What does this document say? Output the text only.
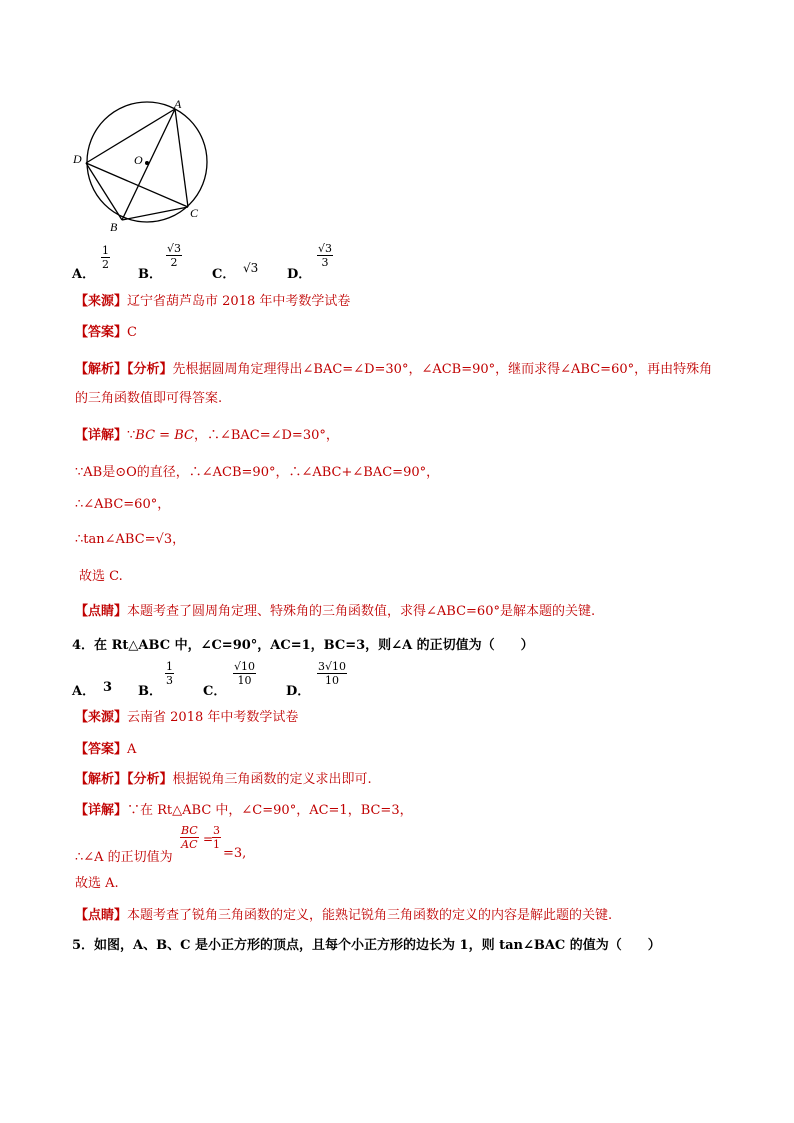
A
D	O
C
B
A．
$\frac{1}{2}$
B．
$\frac{√3}{2}$
C． √3 D．
$\frac{√3}{3}$
【来源】辽宁省葫芦岛市 2018 年中考数学试卷
【答案】C
【解析】【分析】先根据圆周角定理得出∠BAC=∠D=30°，∠ACB=90°，继而求得∠ABC=60°，再由特殊角
的三角函数值即可得答案.
【详解】∵BC = BC，∴∠BAC=∠D=30°，
∵AB是⊙O的直径，∴∠ACB=90°，∴∠ABC+∠BAC=90°，
∴∠ABC=60°，
∴tan∠ABC=√3，
故选 C.
【点睛】本题考查了圆周角定理、特殊角的三角函数值，求得∠ABC=60°是解本题的关键.
4．在 Rt△ABC 中，∠C=90°，AC=1，BC=3，则∠A 的正切值为（　　）
A． 3 B．
$\frac{1}{3}$
C．
$\frac{√10}{10}$
D．
$\frac{3√10}{10}$
【来源】云南省 2018 年中考数学试卷
【答案】A
【解析】【分析】根据锐角三角函数的定义求出即可.
【详解】∵在 Rt△ABC 中，∠C=90°，AC=1，BC=3，
∴∠A 的正切值为
$\frac{BC}{AC}$ =
$\frac{3}{1}$
=3,
故选 A.
【点睛】本题考查了锐角三角函数的定义，能熟记锐角三角函数的定义的内容是解此题的关键.
5．如图，A、B、C 是小正方形的顶点，且每个小正方形的边长为 1，则 tan∠BAC 的值为（　　）
